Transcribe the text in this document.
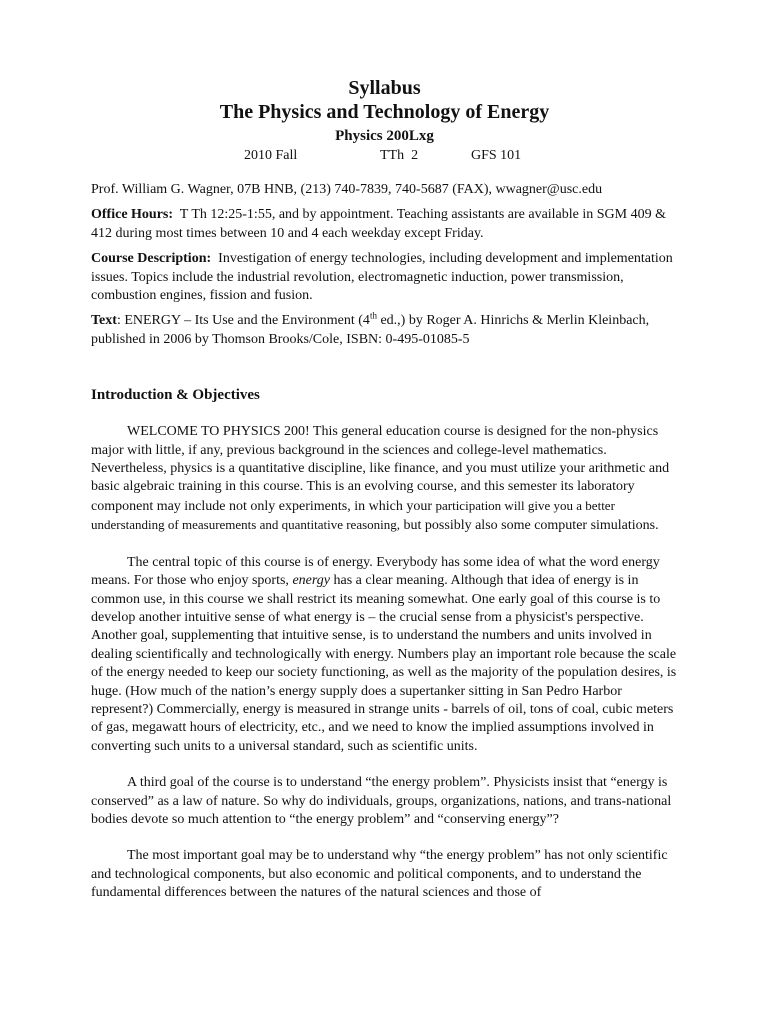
Syllabus

The Physics and Technology of Energy

Physics 200Lxg

2010 Fall	TTh  2	GFS 101

Prof. William G. Wagner, 07B HNB, (213) 740-7839, 740-5687 (FAX), wwagner@usc.edu

Office Hours: T Th 12:25-1:55, and by appointment. Teaching assistants are available in SGM 409 & 412 during most times between 10 and 4 each weekday except Friday.

Course Description: Investigation of energy technologies, including development and implementation issues. Topics include the industrial revolution, electromagnetic induction, power transmission, combustion engines, fission and fusion.

Text: ENERGY – Its Use and the Environment (4th ed.,) by Roger A. Hinrichs & Merlin Kleinbach, published in 2006 by Thomson Brooks/Cole, ISBN: 0-495-01085-5

Introduction & Objectives

WELCOME TO PHYSICS 200! This general education course is designed for the non-physics major with little, if any, previous background in the sciences and college-level mathematics. Nevertheless, physics is a quantitative discipline, like finance, and you must utilize your arithmetic and basic algebraic training in this course. This is an evolving course, and this semester its laboratory component may include not only experiments, in which your participation will give you a better understanding of measurements and quantitative reasoning, but possibly also some computer simulations.

The central topic of this course is of energy. Everybody has some idea of what the word energy means. For those who enjoy sports, energy has a clear meaning. Although that idea of energy is in common use, in this course we shall restrict its meaning somewhat. One early goal of this course is to develop another intuitive sense of what energy is – the crucial sense from a physicist's perspective. Another goal, supplementing that intuitive sense, is to understand the numbers and units involved in dealing scientifically and technologically with energy. Numbers play an important role because the scale of the energy needed to keep our society functioning, as well as the majority of the population desires, is huge. (How much of the nation’s energy supply does a supertanker sitting in San Pedro Harbor represent?) Commercially, energy is measured in strange units - barrels of oil, tons of coal, cubic meters of gas, megawatt hours of electricity, etc., and we need to know the implied assumptions involved in converting such units to a universal standard, such as scientific units.

A third goal of the course is to understand “the energy problem”. Physicists insist that “energy is conserved” as a law of nature. So why do individuals, groups, organizations, nations, and trans-national bodies devote so much attention to “the energy problem” and “conserving energy”?

The most important goal may be to understand why “the energy problem” has not only scientific and technological components, but also economic and political components, and to understand the fundamental differences between the natures of the natural sciences and those of
